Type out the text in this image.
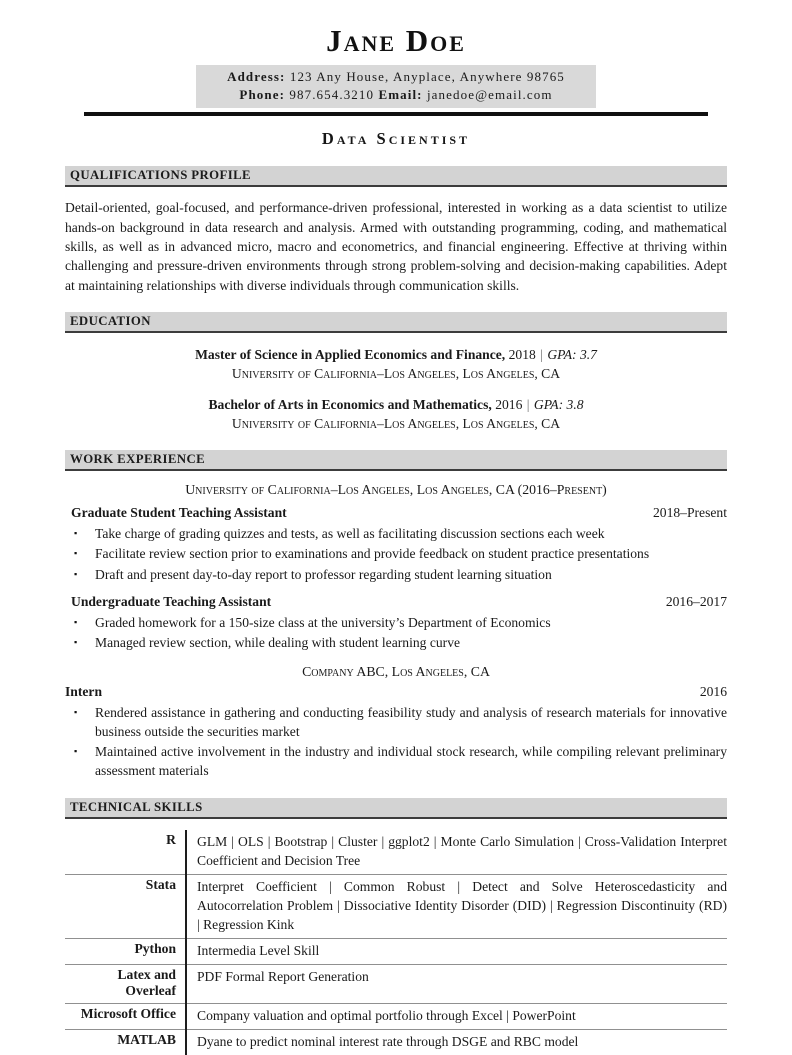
Jane Doe
Address: 123 Any House, Anyplace, Anywhere 98765
Phone: 987.654.3210 Email: janedoe@email.com
Data Scientist
QUALIFICATIONS PROFILE

Detail-oriented, goal-focused, and performance-driven professional, interested in working as a data scientist to utilize hands-on background in data research and analysis. Armed with outstanding programming, coding, and mathematical skills, as well as in advanced micro, macro and econometrics, and financial engineering. Effective at thriving within challenging and pressure-driven environments through strong problem-solving and decision-making capabilities. Adept at maintaining relationships with diverse individuals through communication skills.

EDUCATION
Master of Science in Applied Economics and Finance, 2018 | GPA: 3.7
University of California–Los Angeles, Los Angeles, CA
Bachelor of Arts in Economics and Mathematics, 2016 | GPA: 3.8
University of California–Los Angeles, Los Angeles, CA
WORK EXPERIENCE
University of California–Los Angeles, Los Angeles, CA (2016–Present)
Graduate Student Teaching Assistant	2018–Present
▪	Take charge of grading quizzes and tests, as well as facilitating discussion sections each week
▪	Facilitate review section prior to examinations and provide feedback on student practice presentations
▪	Draft and present day-to-day report to professor regarding student learning situation
Undergraduate Teaching Assistant	2016–2017
▪	Graded homework for a 150-size class at the university’s Department of Economics
▪	Managed review section, while dealing with student learning curve
Company ABC, Los Angeles, CA
Intern	2016
▪	Rendered assistance in gathering and conducting feasibility study and analysis of research materials for innovative business outside the securities market
▪	Maintained active involvement in the industry and individual stock research, while compiling relevant preliminary assessment materials
TECHNICAL SKILLS
R	GLM | OLS | Bootstrap | Cluster | ggplot2 | Monte Carlo Simulation | Cross-Validation Interpret Coefficient and Decision Tree
Stata	Interpret Coefficient | Common Robust | Detect and Solve Heteroscedasticity and Autocorrelation Problem | Dissociative Identity Disorder (DID) | Regression Discontinuity (RD) | Regression Kink
Python	Intermedia Level Skill
Latex and Overleaf	PDF Formal Report Generation
Microsoft Office	Company valuation and optimal portfolio through Excel | PowerPoint
MATLAB	Dyane to predict nominal interest rate through DSGE and RBC model
